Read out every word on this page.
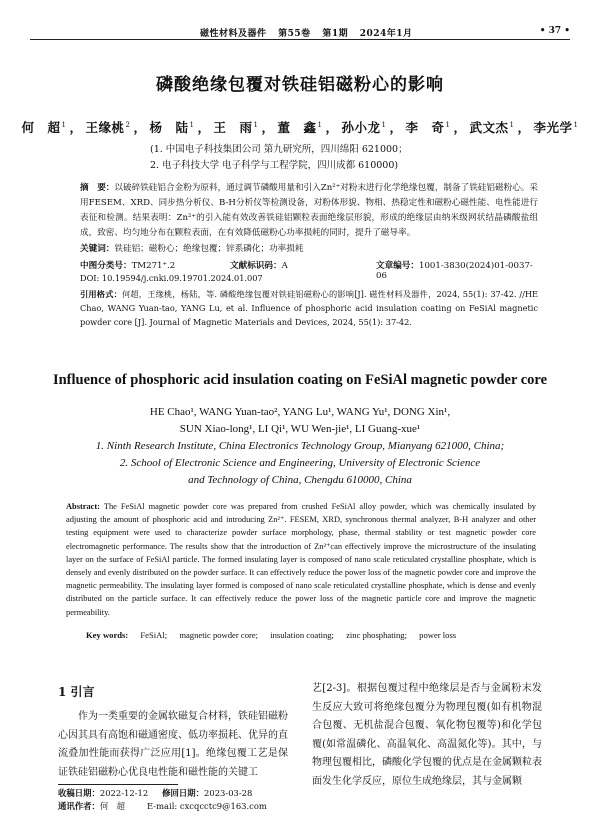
磁性材料及器件 第55卷 第1期 2024年1月	• 37 •
磷酸绝缘包覆对铁硅铝磁粉心的影响
何　超$^1$ ， 王缘桃$^2$ ， 杨　陆$^1$ ， 王　雨$^1$ ， 董　鑫$^1$ ， 孙小龙$^1$ ， 李　奇$^1$ ， 武文杰$^1$ ， 李光学$^1$
(1. 中国电子科技集团公司 第九研究所，四川绵阳 621000；
2. 电子科技大学 电子科学与工程学院，四川成都 610000)

摘　要：以破碎铁硅铝合金粉为原料，通过调节磷酸用量和引入Zn²⁺对粉末进行化学绝缘包覆，制备了铁硅铝磁粉心。采用FESEM、XRD、同步热分析仪、B-H分析仪等检测设备，对粉体形貌、物相、热稳定性和磁粉心磁性能、电性能进行表征和检测。结果表明：Zn²⁺的引入能有效改善铁硅铝颗粒表面绝缘层形貌，形成的绝缘层由纳米级网状结晶磷酸盐组成，致密、均匀地分布在颗粒表面，在有效降低磁粉心功率损耗的同时，提升了磁导率。

关键词：铁硅铝；磁粉心；绝缘包覆；锌系磷化；功率损耗
中图分类号：TM271⁺.2	文献标识码：A	文章编号：1001-3830(2024)01-0037-06
DOI: 10.19594/j.cnki.09.19701.2024.01.007

引用格式：何超，王缘桃，杨陆，等. 磷酸绝缘包覆对铁硅铝磁粉心的影响[J]. 磁性材料及器件，2024, 55(1): 37-42. //HE Chao, WANG Yuan-tao, YANG Lu, et al. Influence of phosphoric acid insulation coating on FeSiAl magnetic powder core [J]. Journal of Magnetic Materials and Devices, 2024, 55(1): 37-42.

Influence of phosphoric acid insulation coating on FeSiAl magnetic powder core
HE Chao¹, WANG Yuan-tao², YANG Lu¹, WANG Yu¹, DONG Xin¹,
SUN Xiao-long¹, LI Qi¹, WU Wen-jie¹, LI Guang-xue¹
1. Ninth Research Institute, China Electronics Technology Group, Mianyang 621000, China;
2. School of Electronic Science and Engineering, University of Electronic Science
and Technology of China, Chengdu 610000, China

Abstract: The FeSiAl magnetic powder core was prepared from crushed FeSiAl alloy powder, which was chemically insulated by adjusting the amount of phosphoric acid and introducing Zn²⁺. FESEM, XRD, synchronous thermal analyzer, B-H analyzer and other testing equipment were used to characterize powder surface morphology, phase, thermal stability or test magnetic powder core electromagnetic performance. The results show that the introduction of Zn²⁺can effectively improve the microstructure of the insulating layer on the surface of FeSiAl particle. The formed insulating layer is composed of nano scale reticulated crystalline phosphate, which is densely and evenly distributed on the powder surface. It can effectively reduce the power loss of the magnetic powder core and improve the magnetic permeability. The insulating layer formed is composed of nano scale reticulated crystalline phosphate, which is dense and evenly distributed on the particle surface. It can effectively reduce the power loss of the magnetic particle core and improve the magnetic permeability.

Key words: FeSiAl; magnetic powder core; insulation coating; zinc phosphating; power loss
1 引言

作为一类重要的金属软磁复合材料，铁硅铝磁粉心因其具有高饱和磁通密度、低功率损耗、优异的直流叠加性能而获得广泛应用[1]。绝缘包覆工艺是保证铁硅铝磁粉心优良电性能和磁性能的关键工

艺[2-3]。根据包覆过程中绝缘层是否与金属粉末发生反应大致可将绝缘包覆分为物理包覆(如有机物混合包覆、无机盐混合包覆、氧化物包覆等)和化学包覆(如常温磷化、高温氧化、高温氮化等)。其中，与物理包覆相比，磷酸化学包覆的优点是在金属颗粒表面发生化学反应，原位生成绝缘层，其与金属颗

收稿日期：2022-12-12 修回日期：2023-03-28
通讯作者：何　超	E-mail: cxcqcctc9@163.com
